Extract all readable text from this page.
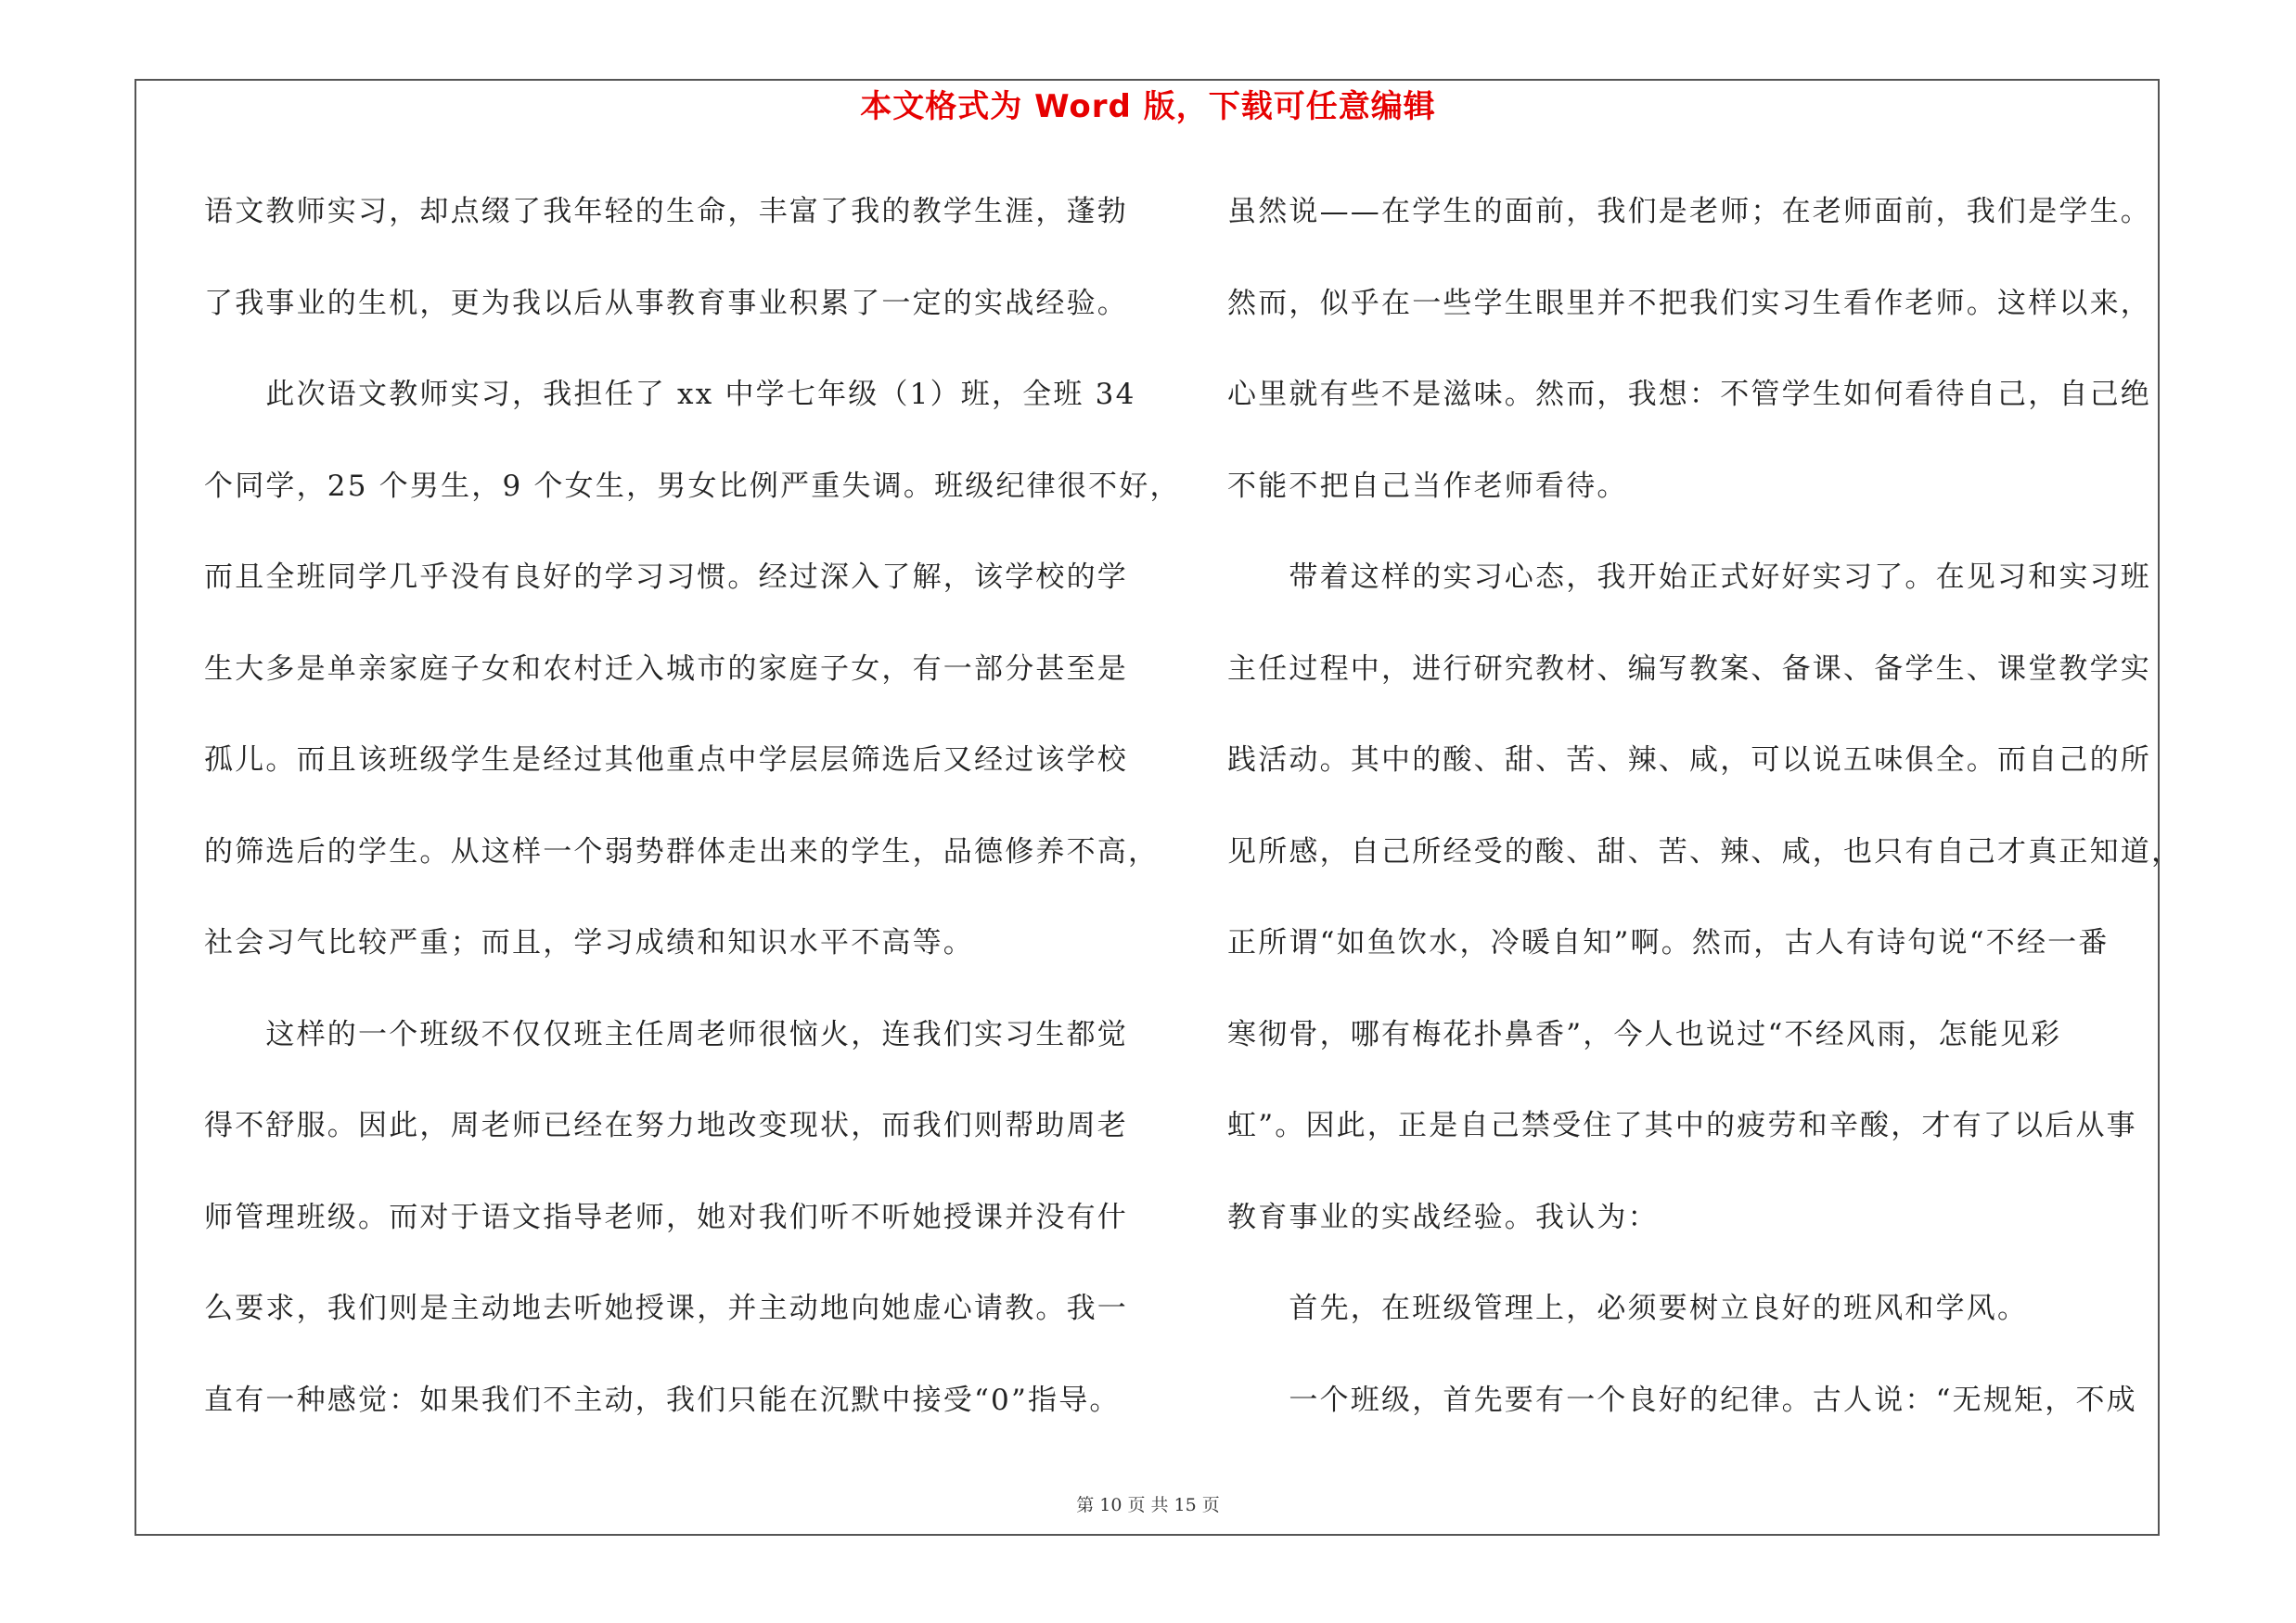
本文格式为 Word 版，下载可任意编辑
语文教师实习，却点缀了我年轻的生命，丰富了我的教学生涯，蓬勃
了我事业的生机，更为我以后从事教育事业积累了一定的实战经验。
　　此次语文教师实习，我担任了 xx 中学七年级（1）班，全班 34
个同学，25 个男生，9 个女生，男女比例严重失调。班级纪律很不好，
而且全班同学几乎没有良好的学习习惯。经过深入了解，该学校的学
生大多是单亲家庭子女和农村迁入城市的家庭子女，有一部分甚至是
孤儿。而且该班级学生是经过其他重点中学层层筛选后又经过该学校
的筛选后的学生。从这样一个弱势群体走出来的学生，品德修养不高，
社会习气比较严重；而且，学习成绩和知识水平不高等。
　　这样的一个班级不仅仅班主任周老师很恼火，连我们实习生都觉
得不舒服。因此，周老师已经在努力地改变现状，而我们则帮助周老
师管理班级。而对于语文指导老师，她对我们听不听她授课并没有什
么要求，我们则是主动地去听她授课，并主动地向她虚心请教。我一
直有一种感觉：如果我们不主动，我们只能在沉默中接受“0”指导。
虽然说——在学生的面前，我们是老师；在老师面前，我们是学生。
然而，似乎在一些学生眼里并不把我们实习生看作老师。这样以来，
心里就有些不是滋味。然而，我想：不管学生如何看待自己，自己绝
不能不把自己当作老师看待。
　　带着这样的实习心态，我开始正式好好实习了。在见习和实习班
主任过程中，进行研究教材、编写教案、备课、备学生、课堂教学实
践活动。其中的酸、甜、苦、辣、咸，可以说五味俱全。而自己的所
见所感，自己所经受的酸、甜、苦、辣、咸，也只有自己才真正知道，
正所谓“如鱼饮水，冷暖自知”啊。然而，古人有诗句说“不经一番
寒彻骨，哪有梅花扑鼻香”，今人也说过“不经风雨，怎能见彩
虹”。因此，正是自己禁受住了其中的疲劳和辛酸，才有了以后从事
教育事业的实战经验。我认为：
　　首先，在班级管理上，必须要树立良好的班风和学风。
　　一个班级，首先要有一个良好的纪律。古人说：“无规矩，不成
第 10 页 共 15 页
